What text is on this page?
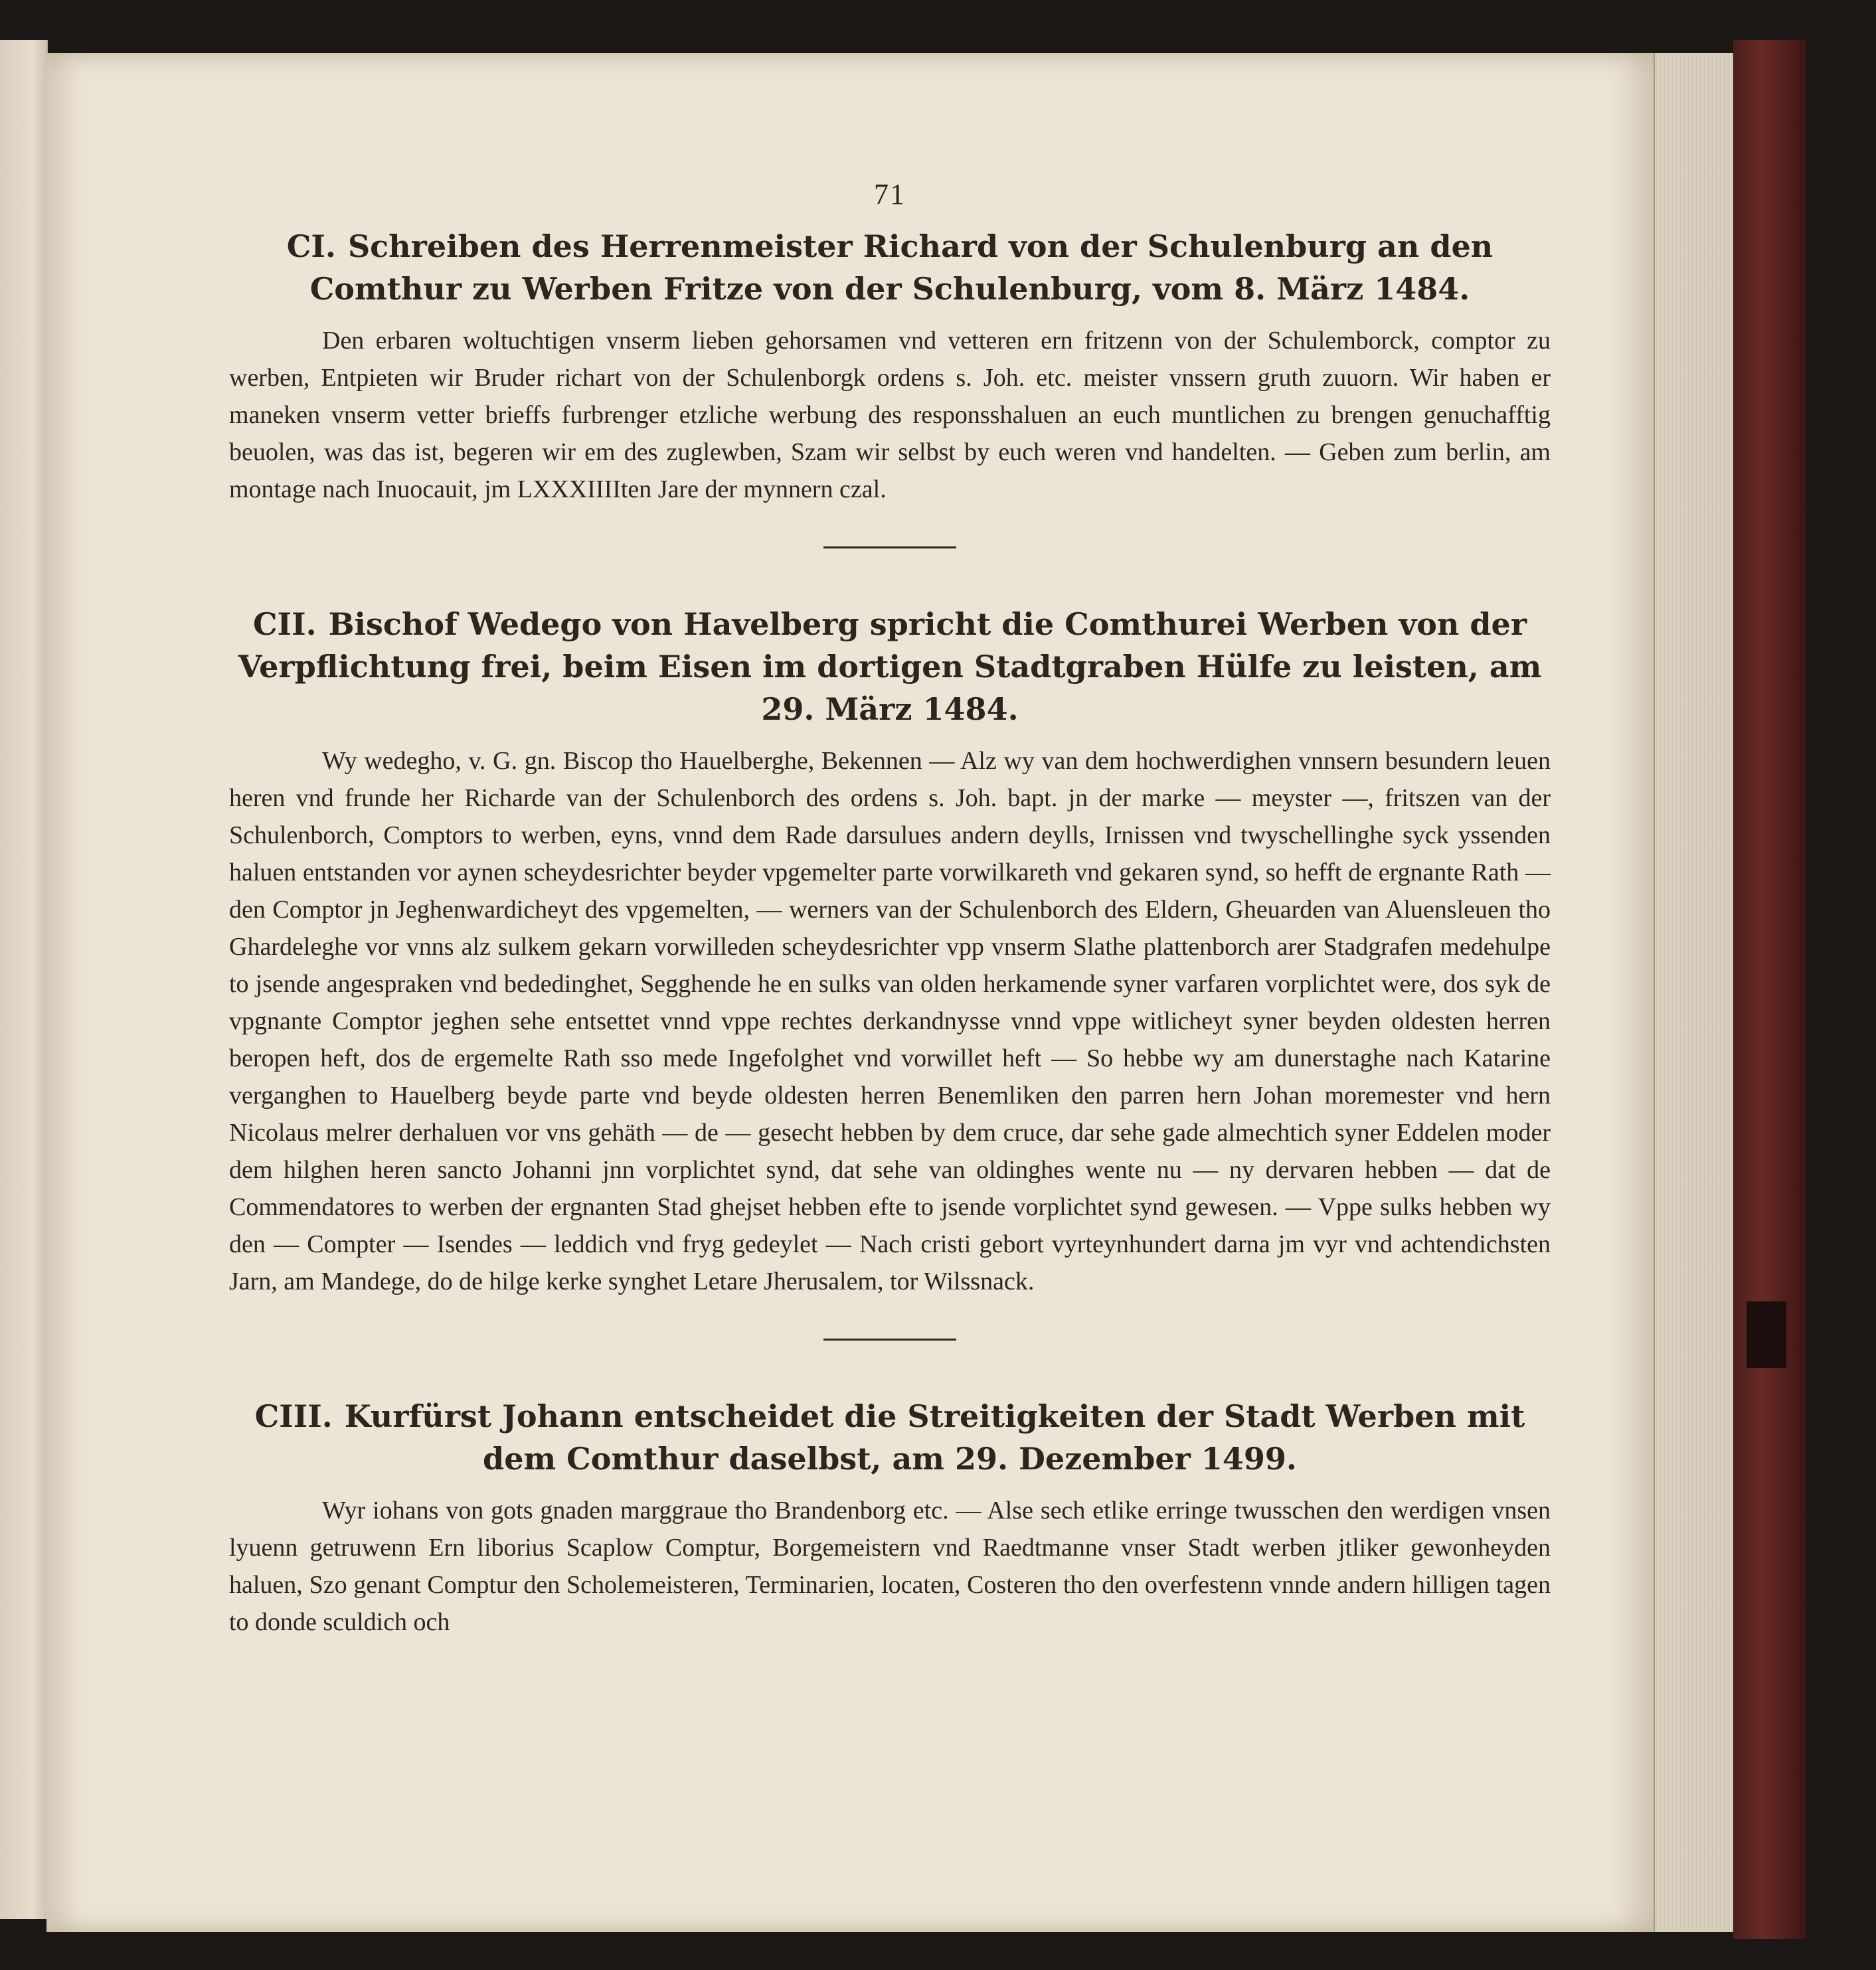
71
CI. Schreiben des Herrenmeister Richard von der Schulenburg an den Comthur zu Werben Fritze von der Schulenburg, vom 8. März 1484.

Den erbaren woltuchtigen vnserm lieben gehorsamen vnd vetteren ern fritzenn von der Schulemborck, comptor zu werben, Entpieten wir Bruder richart von der Schulenborgk ordens s. Joh. etc. meister vnssern gruth zuuorn. Wir haben er maneken vnserm vetter brieffs furbrenger etzliche werbung des responsshaluen an euch muntlichen zu brengen genuchafftig beuolen, was das ist, begeren wir em des zuglewben, Szam wir selbst by euch weren vnd handelten. — Geben zum berlin, am montage nach Inuocauit, jm LXXXIIIIten Jare der mynnern czal.

CII. Bischof Wedego von Havelberg spricht die Comthurei Werben von der Verpflichtung frei, beim Eisen im dortigen Stadtgraben Hülfe zu leisten, am 29. März 1484.

Wy wedegho, v. G. gn. Biscop tho Hauelberghe, Bekennen — Alz wy van dem hochwerdighen vnnsern besundern leuen heren vnd frunde her Richarde van der Schulenborch des ordens s. Joh. bapt. jn der marke — meyster —, fritszen van der Schulenborch, Comptors to werben, eyns, vnnd dem Rade darsulues andern deylls, Irnissen vnd twyschellinghe syck yssenden haluen entstanden vor aynen scheydesrichter beyder vpgemelter parte vorwilkareth vnd gekaren synd, so hefft de ergnante Rath — den Comptor jn Jeghenwardicheyt des vpgemelten, — werners van der Schulenborch des Eldern, Gheuarden van Aluensleuen tho Ghardeleghe vor vnns alz sulkem gekarn vorwilleden scheydesrichter vpp vnserm Slathe plattenborch arer Stadgrafen medehulpe to jsende angespraken vnd bededinghet, Segghende he en sulks van olden herkamende syner varfaren vorplichtet were, dos syk de vpgnante Comptor jeghen sehe entsettet vnnd vppe rechtes derkandnysse vnnd vppe witlicheyt syner beyden oldesten herren beropen heft, dos de ergemelte Rath sso mede Ingefolghet vnd vorwillet heft — So hebbe wy am dunerstaghe nach Katarine verganghen to Hauelberg beyde parte vnd beyde oldesten herren Benemliken den parren hern Johan moremester vnd hern Nicolaus melrer derhaluen vor vns gehäth — de — gesecht hebben by dem cruce, dar sehe gade almechtich syner Eddelen moder dem hilghen heren sancto Johanni jnn vorplichtet synd, dat sehe van oldinghes wente nu — ny dervaren hebben — dat de Commendatores to werben der ergnanten Stad ghejset hebben efte to jsende vorplichtet synd gewesen. — Vppe sulks hebben wy den — Compter — Isendes — leddich vnd fryg gedeylet — Nach cristi gebort vyrteynhundert darna jm vyr vnd achtendichsten Jarn, am Mandege, do de hilge kerke synghet Letare Jherusalem, tor Wilssnack.

CIII. Kurfürst Johann entscheidet die Streitigkeiten der Stadt Werben mit dem Comthur daselbst, am 29. Dezember 1499.

Wyr iohans von gots gnaden marggraue tho Brandenborg etc. — Alse sech etlike erringe twusschen den werdigen vnsen lyuenn getruwenn Ern liborius Scaplow Comptur, Borgemeistern vnd Raedtmanne vnser Stadt werben jtliker gewonheyden haluen, Szo genant Comptur den Scholemeisteren, Terminarien, locaten, Costeren tho den overfestenn vnnde andern hilligen tagen to donde sculdich och
